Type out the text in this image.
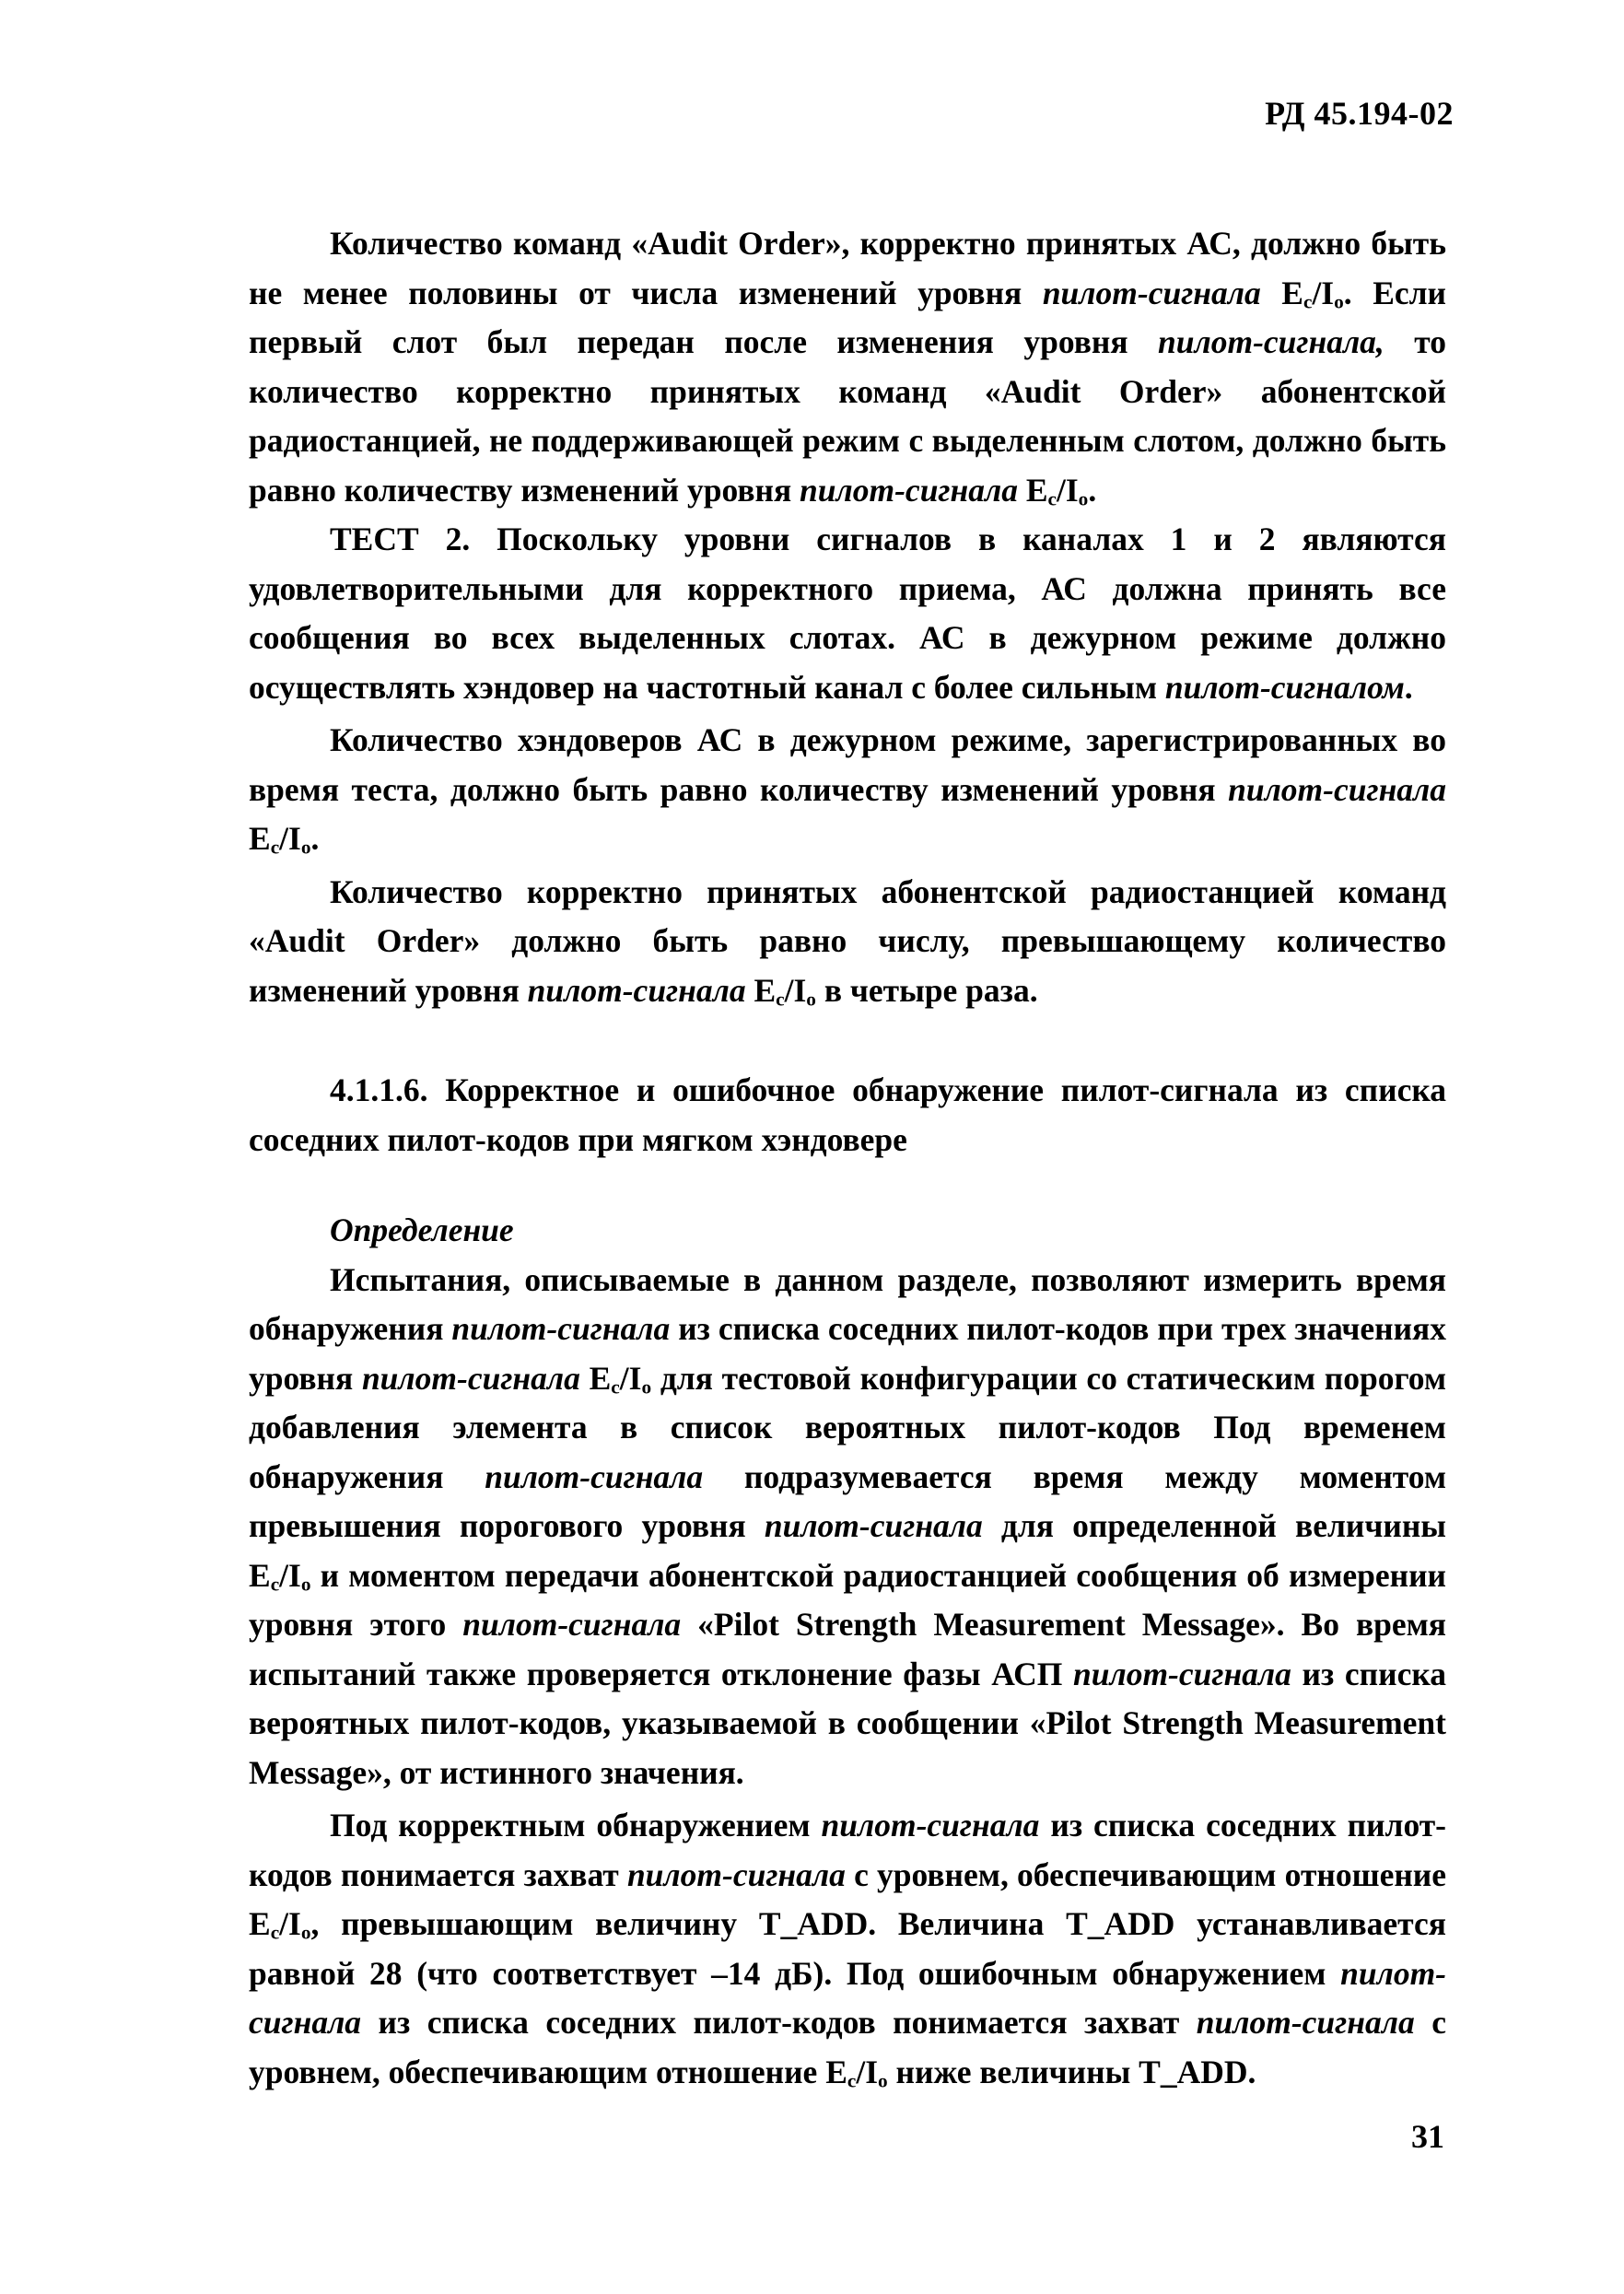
РД 45.194-02

Количество команд «Audit Order», корректно принятых АС, должно быть не менее половины от числа изменений уровня пилот-сигнала $E_c/I_o$. Если первый слот был передан после изменения уровня пилот-сигнала, то количество корректно принятых команд «Audit Order» абонентской радиостанцией, не поддерживающей режим с выделенным слотом, должно быть равно количеству изменений уровня пилот-сигнала $E_c/I_o$.

ТЕСТ 2. Поскольку уровни сигналов в каналах 1 и 2 являются удовлетворительными для корректного приема, АС должна принять все сообщения во всех выделенных слотах. АС в дежурном режиме должно осуществлять хэндовер на частотный канал с более сильным пилот-сигналом.

Количество хэндоверов АС в дежурном режиме, зарегистрированных во время теста, должно быть равно количеству изменений уровня пилот-сигнала $E_c/I_o$.

Количество корректно принятых абонентской радиостанцией команд «Audit Order» должно быть равно числу, превышающему количество изменений уровня пилот-сигнала $E_c/I_o$ в четыре раза.

4.1.1.6. Корректное и ошибочное обнаружение пилот-сигнала из списка соседних пилот-кодов при мягком хэндовере

Определение

Испытания, описываемые в данном разделе, позволяют измерить время обнаружения пилот-сигнала из списка соседних пилот-кодов при трех значениях уровня пилот-сигнала $E_c/I_o$ для тестовой конфигурации со статическим порогом добавления элемента в список вероятных пилот-кодов Под временем обнаружения пилот-сигнала подразумевается время между моментом превышения порогового уровня пилот-сигнала для определенной величины $E_c/I_o$ и моментом передачи абонентской радиостанцией сообщения об измерении уровня этого пилот-сигнала «Pilot Strength Measurement Message». Во время испытаний также проверяется отклонение фазы АСП пилот-сигнала из списка вероятных пилот-кодов, указываемой в сообщении «Pilot Strength Measurement Message», от истинного значения.

Под корректным обнаружением пилот-сигнала из списка соседних пилот-кодов понимается захват пилот-сигнала с уровнем, обеспечивающим отношение $E_c/I_o$, превышающим величину T_ADD. Величина T_ADD устанавливается равной 28 (что соответствует –14 дБ). Под ошибочным обнаружением пилот-сигнала из списка соседних пилот-кодов понимается захват пилот-сигнала с уровнем, обеспечивающим отношение $E_c/I_o$ ниже величины T_ADD.

31
